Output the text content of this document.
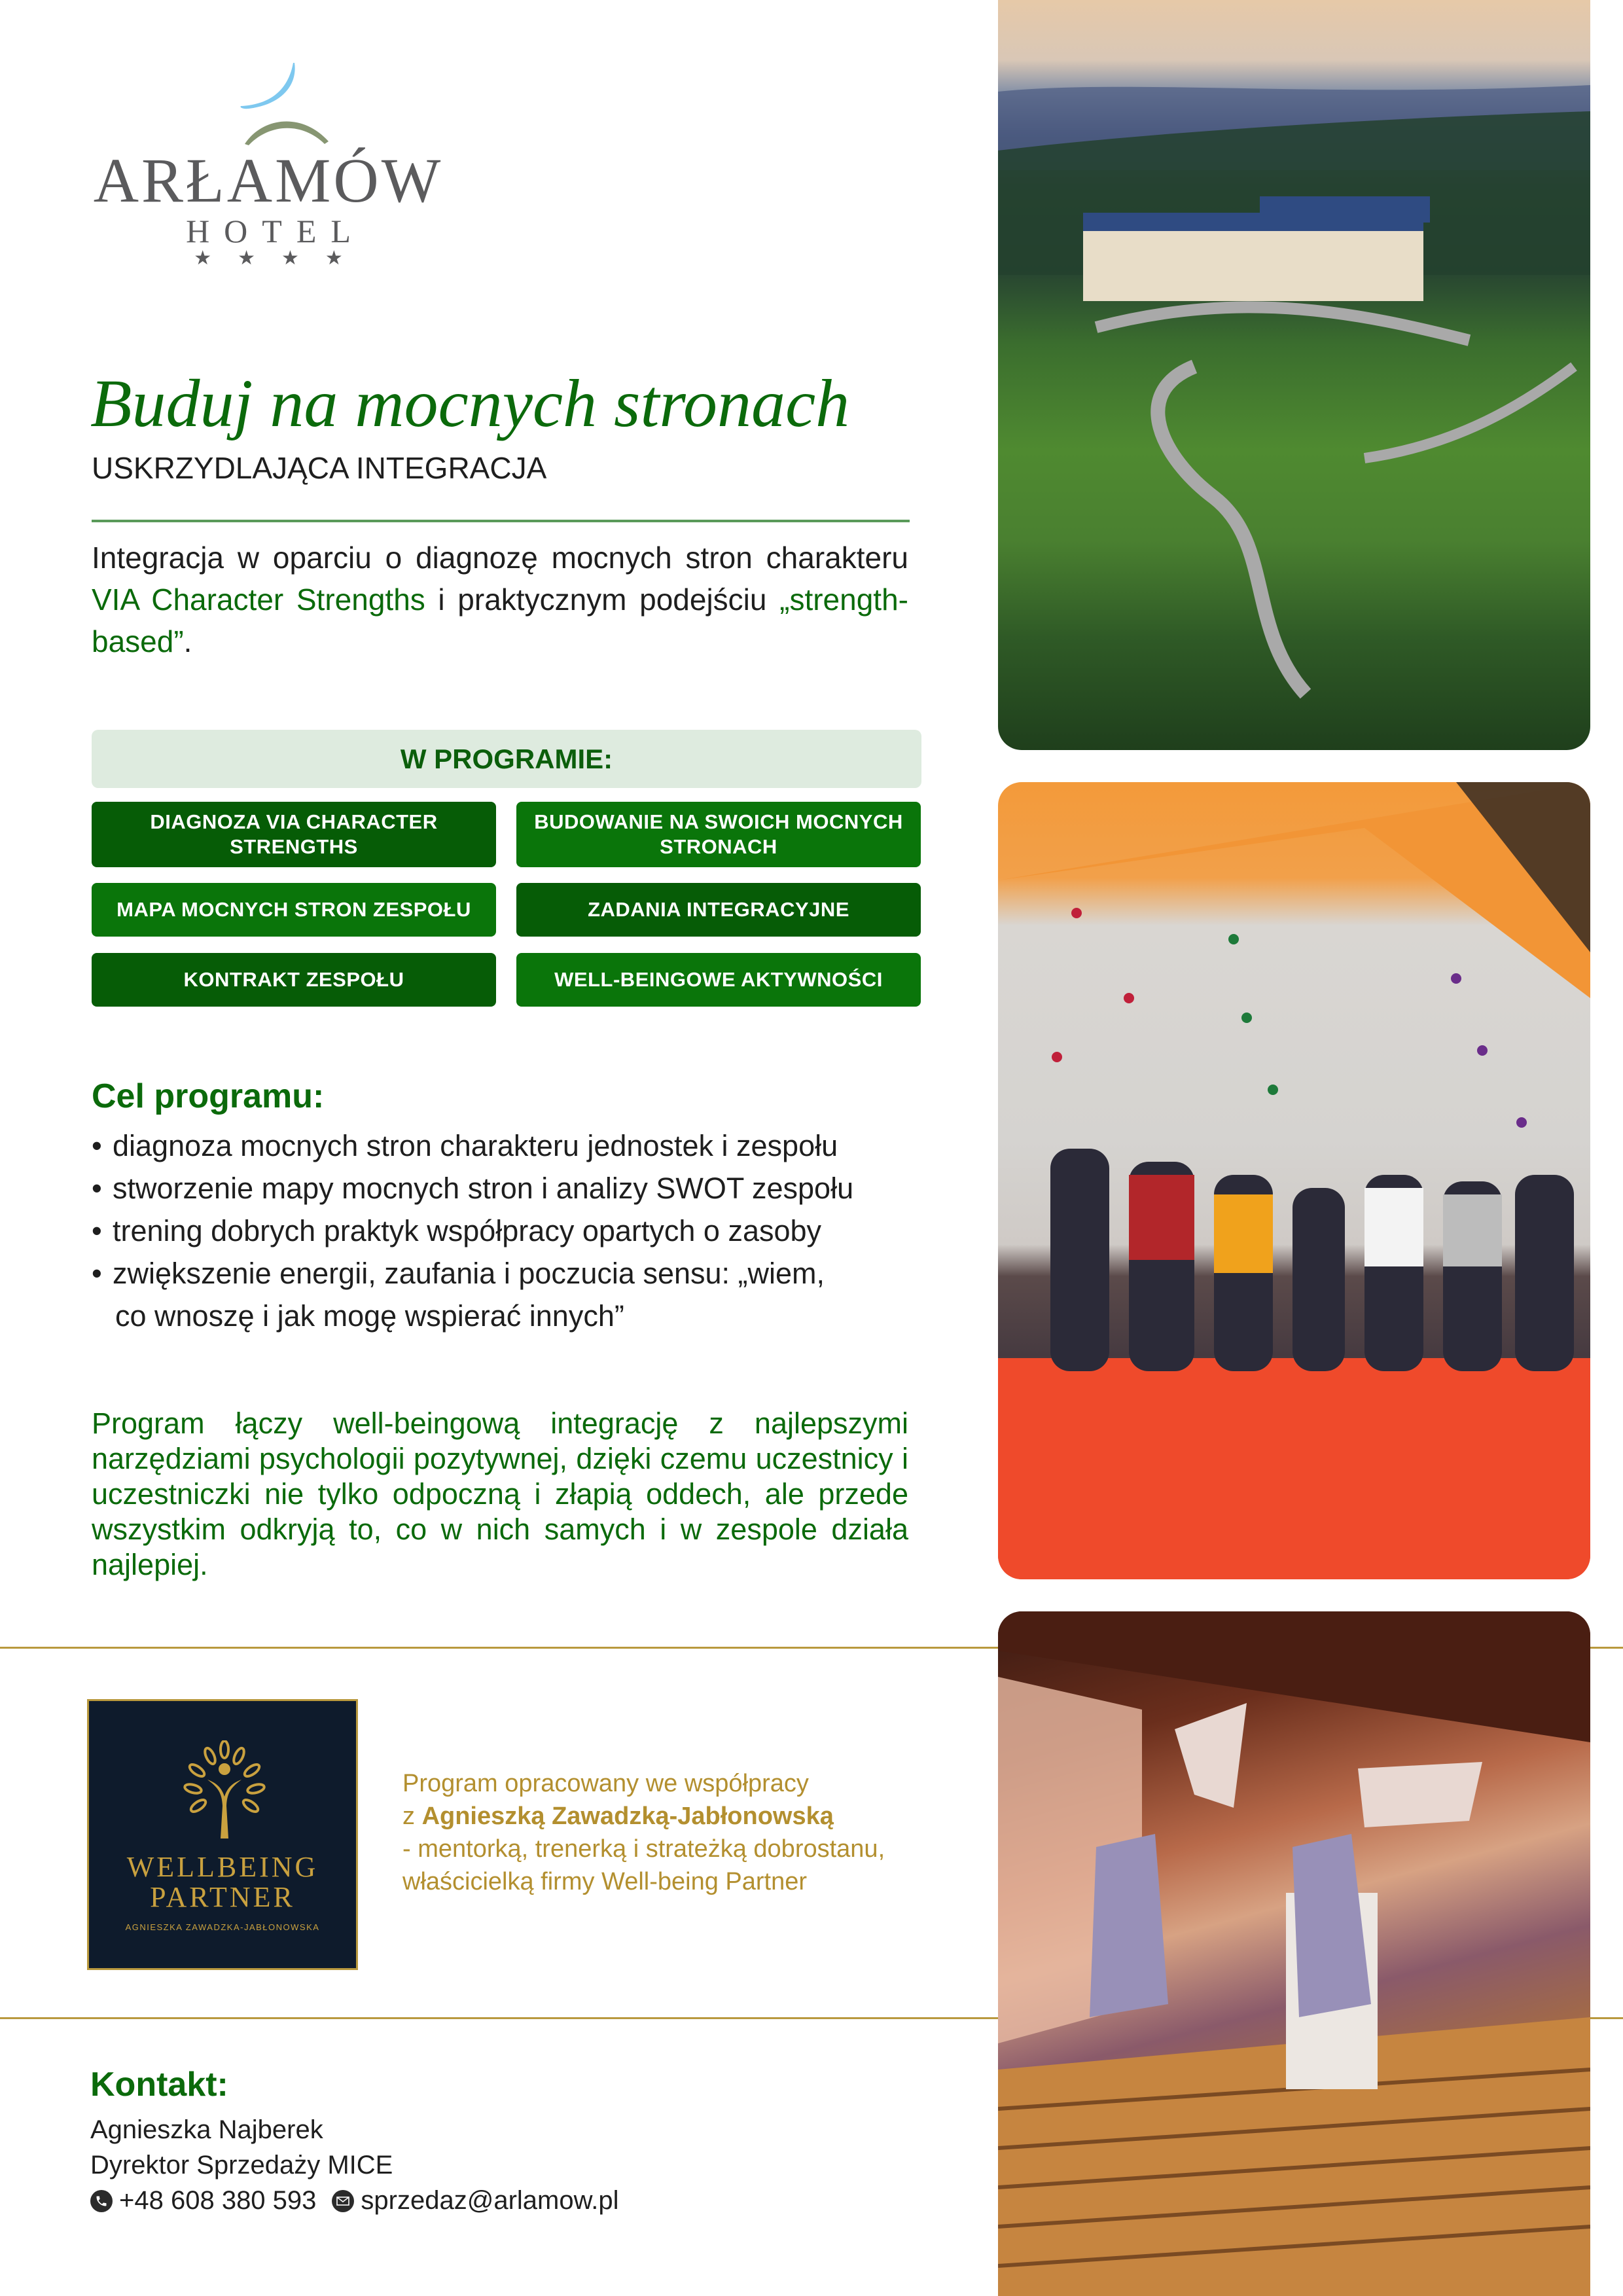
ARŁAMÓW
HOTEL
★★★★
Buduj na mocnych stronach
USKRZYDLAJĄCA INTEGRACJA
Integracja w oparciu o diagnozę mocnych stron charakteru VIA Character Strengths i praktycznym podejściu „strength-based”.
W PROGRAMIE:
DIAGNOZA VIA CHARACTER STRENGTHS
BUDOWANIE NA SWOICH MOCNYCH STRONACH
MAPA MOCNYCH STRON ZESPOŁU	ZADANIA INTEGRACYJNE
KONTRAKT ZESPOŁU	WELL-BEINGOWE AKTYWNOŚCI
Cel programu:
• diagnoza mocnych stron charakteru jednostek i zespołu
• stworzenie mapy mocnych stron i analizy SWOT zespołu
• trening dobrych praktyk współpracy opartych o zasoby
• zwiększenie energii, zaufania i poczucia sensu: „wiem,
co wnoszę i jak mogę wspierać innych”
Program łączy well-beingową integrację z najlepszymi narzędziami psychologii pozytywnej, dzięki czemu uczestnicy i uczestniczki nie tylko odpoczną i złapią oddech, ale przede wszystkim odkryją to, co w nich samych i w zespole działa najlepiej.
WELLBEING
PARTNER
AGNIESZKA ZAWADZKA-JABŁONOWSKA
Program opracowany we współpracy
z Agnieszką Zawadzką-Jabłonowską
- mentorką, trenerką i strateżką dobrostanu,
właścicielką firmy Well-being Partner
Kontakt:
Agnieszka Najberek
Dyrektor Sprzedaży MICE
+48 608 380 593 sprzedaz@arlamow.pl
